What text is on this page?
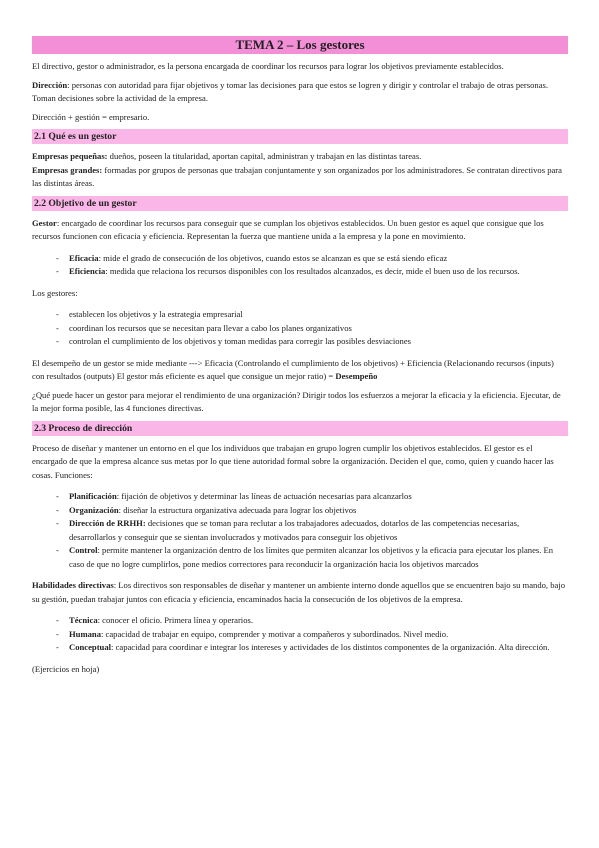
TEMA 2 – Los gestores

El directivo, gestor o administrador, es la persona encargada de coordinar los recursos para lograr los objetivos previamente establecidos.

Dirección: personas con autoridad para fijar objetivos y tomar las decisiones para que estos se logren y dirigir y controlar el trabajo de otras personas. Toman decisiones sobre la actividad de la empresa.

Dirección + gestión = empresario.

2.1 Qué es un gestor

Empresas pequeñas: dueños, poseen la titularidad, aportan capital, administran y trabajan en las distintas tareas.
Empresas grandes: formadas por grupos de personas que trabajan conjuntamente y son organizados por los administradores. Se contratan directivos para las distintas áreas.

2.2 Objetivo de un gestor

Gestor: encargado de coordinar los recursos para conseguir que se cumplan los objetivos establecidos. Un buen gestor es aquel que consigue que los recursos funcionen con eficacia y eficiencia. Representan la fuerza que mantiene unida a la empresa y la pone en movimiento.

- Eficacia: mide el grado de consecución de los objetivos, cuando estos se alcanzan es que se está siendo eficaz
- Eficiencia: medida que relaciona los recursos disponibles con los resultados alcanzados, es decir, mide el buen uso de los recursos.

Los gestores:

- establecen los objetivos y la estrategia empresarial
- coordinan los recursos que se necesitan para llevar a cabo los planes organizativos
- controlan el cumplimiento de los objetivos y toman medidas para corregir las posibles desviaciones

El desempeño de un gestor se mide mediante ---> Eficacia (Controlando el cumplimiento de los objetivos) + Eficiencia (Relacionando recursos (inputs) con resultados (outputs) El gestor más eficiente es aquel que consigue un mejor ratio) = Desempeño

¿Qué puede hacer un gestor para mejorar el rendimiento de una organización? Dirigir todos los esfuerzos a mejorar la eficacia y la eficiencia. Ejecutar, de la mejor forma posible, las 4 funciones directivas.

2.3 Proceso de dirección

Proceso de diseñar y mantener un entorno en el que los individuos que trabajan en grupo logren cumplir los objetivos establecidos. El gestor es el encargado de que la empresa alcance sus metas por lo que tiene autoridad formal sobre la organización. Deciden el que, como, quien y cuando hacer las cosas. Funciones:

- Planificación: fijación de objetivos y determinar las líneas de actuación necesarias para alcanzarlos
- Organización: diseñar la estructura organizativa adecuada para lograr los objetivos
- Dirección de RRHH: decisiones que se toman para reclutar a los trabajadores adecuados, dotarlos de las competencias necesarias, desarrollarlos y conseguir que se sientan involucrados y motivados para conseguir los objetivos
- Control: permite mantener la organización dentro de los límites que permiten alcanzar los objetivos y la eficacia para ejecutar los planes. En caso de que no logre cumplirlos, pone medios correctores para reconducir la organización hacia los objetivos marcados

Habilidades directivas: Los directivos son responsables de diseñar y mantener un ambiente interno donde aquellos que se encuentren bajo su mando, bajo su gestión, puedan trabajar juntos con eficacia y eficiencia, encaminados hacia la consecución de los objetivos de la empresa.

- Técnica: conocer el oficio. Primera línea y operarios.
- Humana: capacidad de trabajar en equipo, comprender y motivar a compañeros y subordinados. Nivel medio.
- Conceptual: capacidad para coordinar e integrar los intereses y actividades de los distintos componentes de la organización. Alta dirección.

(Ejercicios en hoja)
